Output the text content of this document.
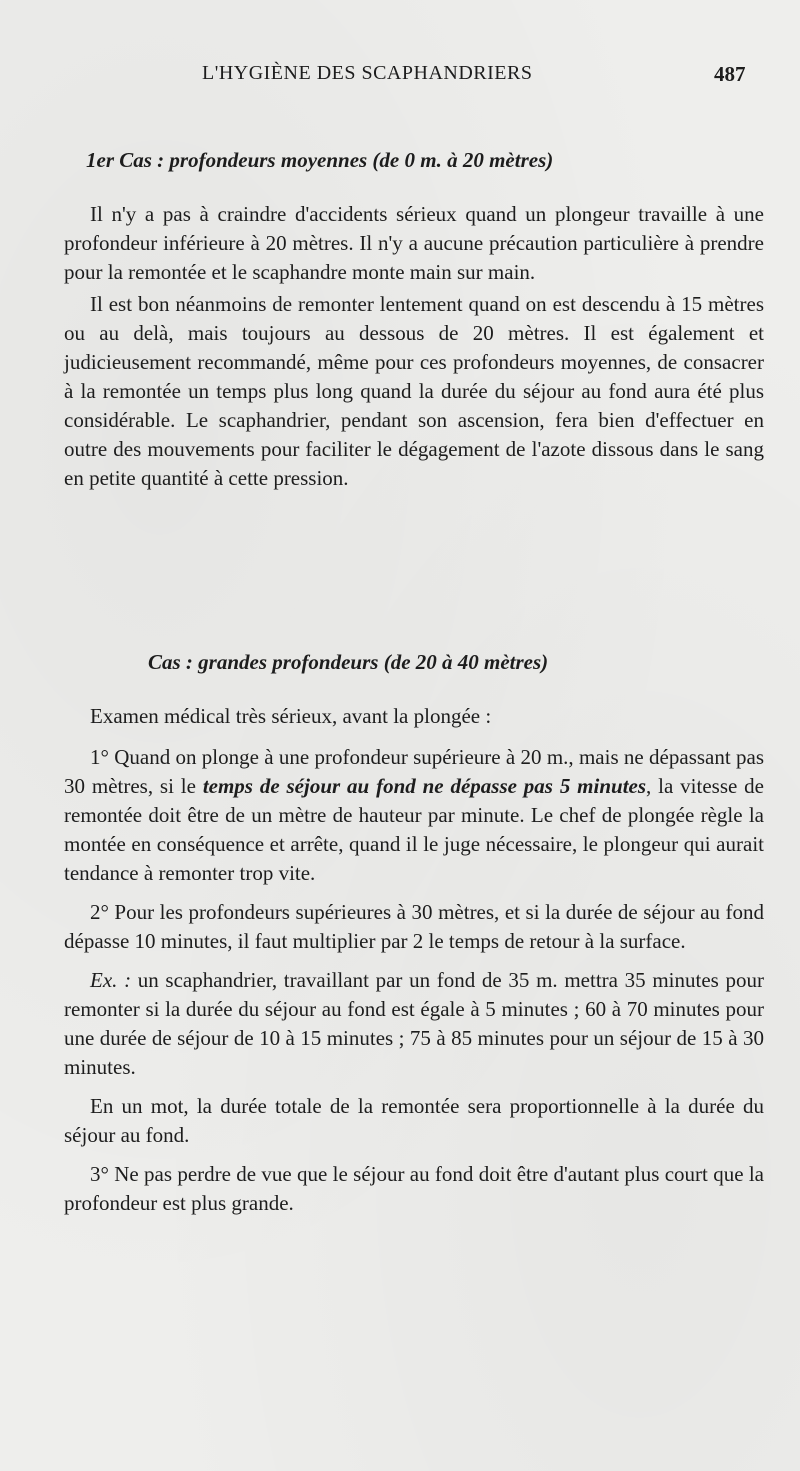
L'HYGIÈNE DES SCAPHANDRIERS	487
1er Cas : profondeurs moyennes (de 0 m. à 20 mètres)

Il n'y a pas à craindre d'accidents sérieux quand un plongeur travaille à une profondeur inférieure à 20 mètres. Il n'y a aucune précaution particulière à prendre pour la remontée et le scaphandre monte main sur main.

Il est bon néanmoins de remonter lentement quand on est descendu à 15 mètres ou au delà, mais toujours au dessous de 20 mètres. Il est également et judicieusement recommandé, même pour ces profondeurs moyennes, de consacrer à la remontée un temps plus long quand la durée du séjour au fond aura été plus considérable. Le scaphandrier, pendant son ascension, fera bien d'effectuer en outre des mouvements pour faciliter le dégagement de l'azote dissous dans le sang en petite quantité à cette pression.

Cas : grandes profondeurs (de 20 à 40 mètres)

Examen médical très sérieux, avant la plongée :

1° Quand on plonge à une profondeur supérieure à 20 m., mais ne dépassant pas 30 mètres, si le temps de séjour au fond ne dépasse pas 5 minutes, la vitesse de remontée doit être de un mètre de hauteur par minute. Le chef de plongée règle la montée en conséquence et arrête, quand il le juge nécessaire, le plongeur qui aurait tendance à remonter trop vite.

2° Pour les profondeurs supérieures à 30 mètres, et si la durée de séjour au fond dépasse 10 minutes, il faut multiplier par 2 le temps de retour à la surface.

Ex. : un scaphandrier, travaillant par un fond de 35 m. mettra 35 minutes pour remonter si la durée du séjour au fond est égale à 5 minutes ; 60 à 70 minutes pour une durée de séjour de 10 à 15 minutes ; 75 à 85 minutes pour un séjour de 15 à 30 minutes.

En un mot, la durée totale de la remontée sera proportionnelle à la durée du séjour au fond.

3° Ne pas perdre de vue que le séjour au fond doit être d'autant plus court que la profondeur est plus grande.
